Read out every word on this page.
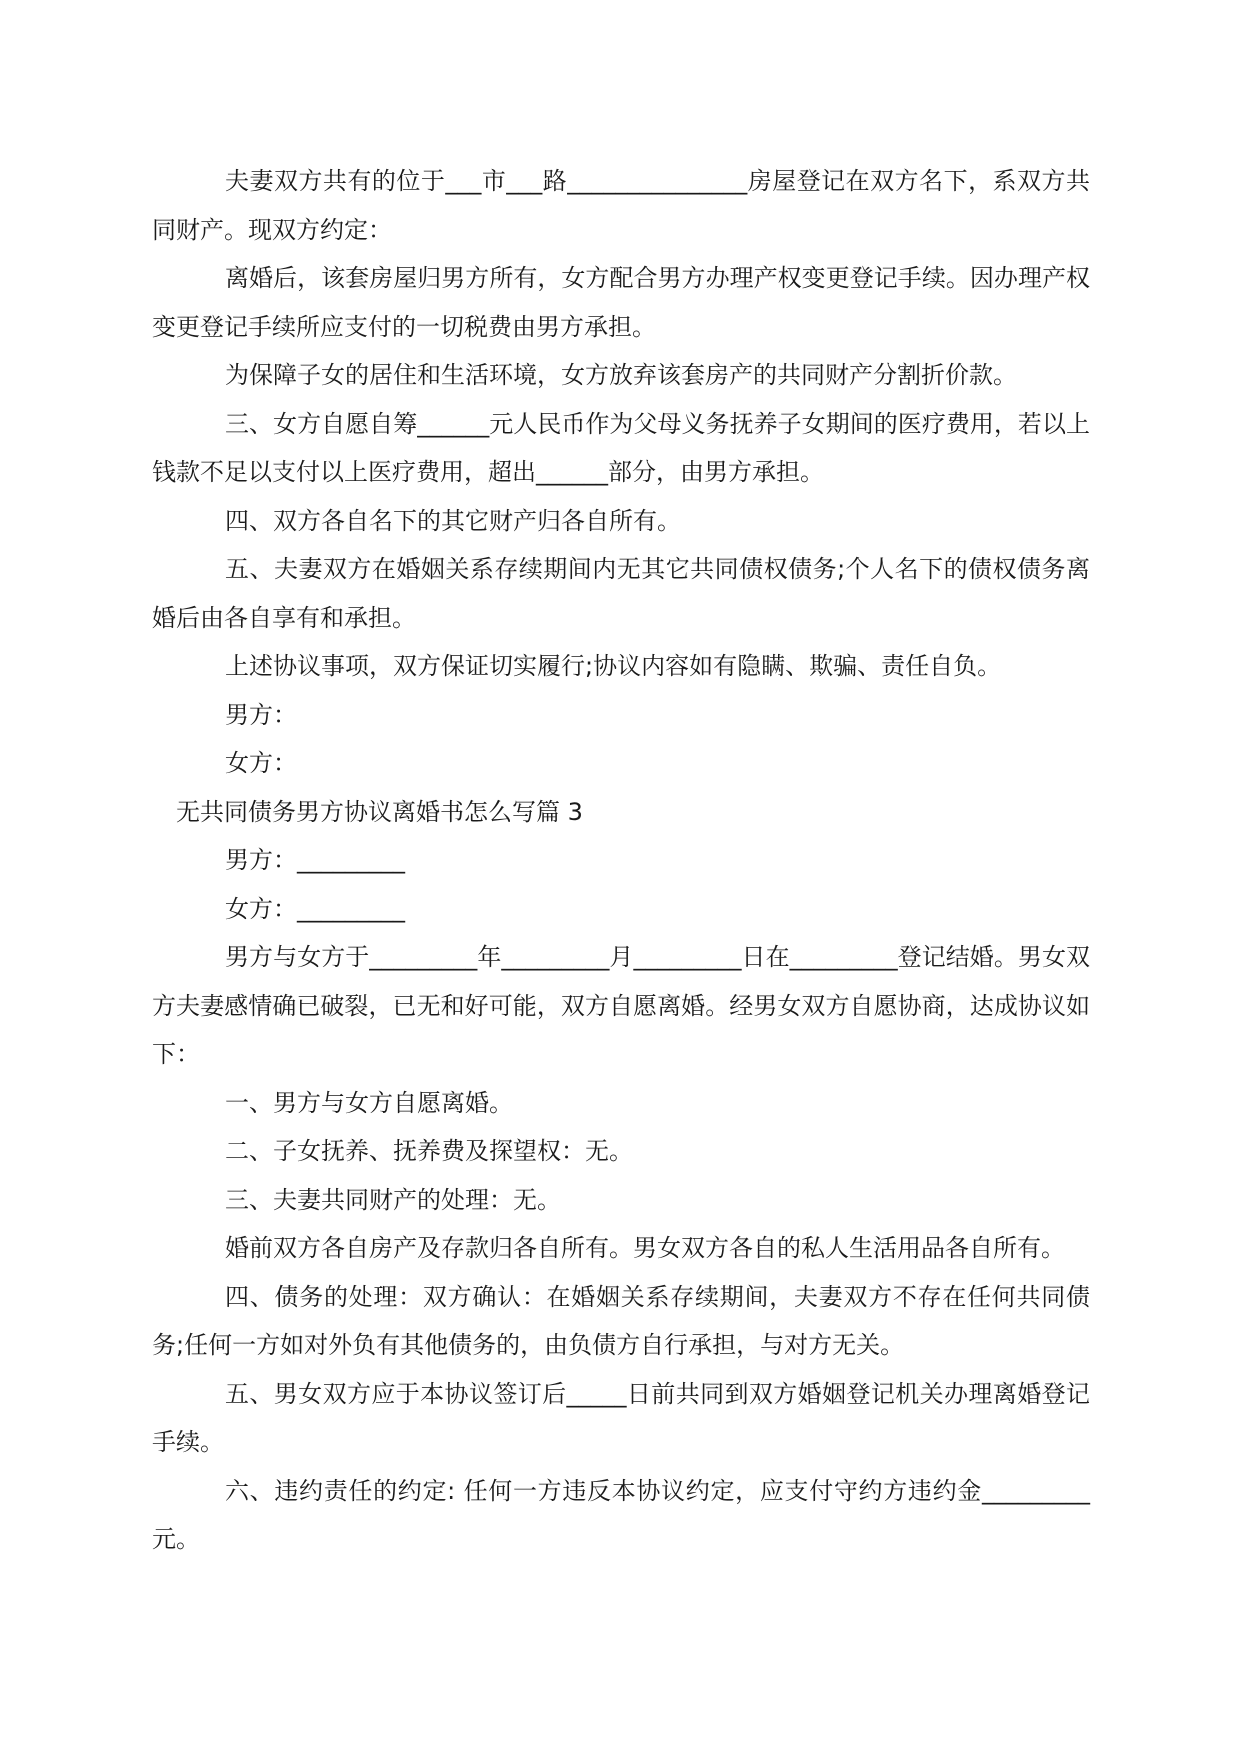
夫妻双方共有的位于___市___路_______________房屋登记在双方名下，系双方共同财产。现双方约定：

离婚后，该套房屋归男方所有，女方配合男方办理产权变更登记手续。因办理产权变更登记手续所应支付的一切税费由男方承担。

为保障子女的居住和生活环境，女方放弃该套房产的共同财产分割折价款。

三、女方自愿自筹______元人民币作为父母义务抚养子女期间的医疗费用，若以上钱款不足以支付以上医疗费用，超出______部分，由男方承担。

四、双方各自名下的其它财产归各自所有。

五、夫妻双方在婚姻关系存续期间内无其它共同债权债务;个人名下的债权债务离婚后由各自享有和承担。

上述协议事项，双方保证切实履行;协议内容如有隐瞒、欺骗、责任自负。

男方：

女方：

无共同债务男方协议离婚书怎么写篇 3

男方：_________

女方：_________

男方与女方于_________年_________月_________日在_________登记结婚。男女双方夫妻感情确已破裂，已无和好可能，双方自愿离婚。经男女双方自愿协商，达成协议如下：

一、男方与女方自愿离婚。

二、子女抚养、抚养费及探望权：无。

三、夫妻共同财产的处理：无。

婚前双方各自房产及存款归各自所有。男女双方各自的私人生活用品各自所有。

四、债务的处理：双方确认：在婚姻关系存续期间，夫妻双方不存在任何共同债务;任何一方如对外负有其他债务的，由负债方自行承担，与对方无关。

五、男女双方应于本协议签订后_____日前共同到双方婚姻登记机关办理离婚登记手续。

六、违约责任的约定: 任何一方违反本协议约定，应支付守约方违约金_________元。
